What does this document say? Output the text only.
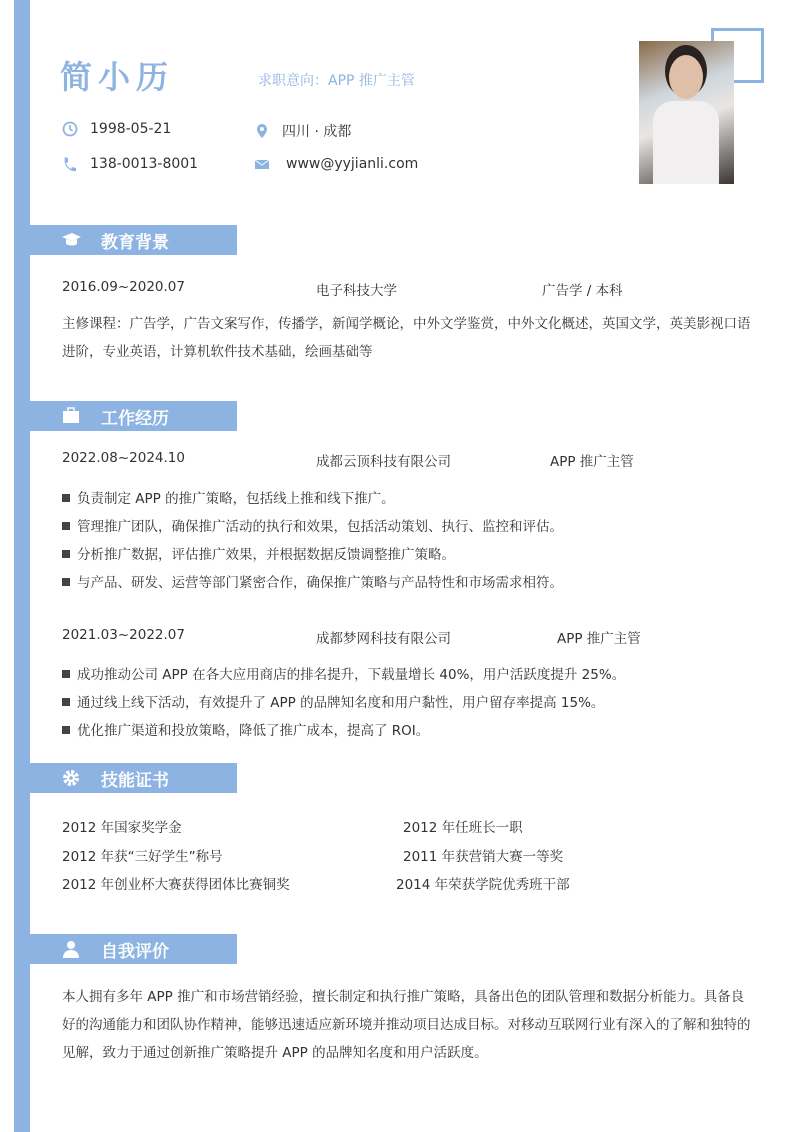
简小历	求职意向：APP 推广主管
1998-05-21	四川 · 成都
138-0013-8001	www@yyjianli.com
教育背景
2016.09~2020.07	电子科技大学	广告学 / 本科
主修课程：广告学，广告文案写作，传播学，新闻学概论，中外文学鉴赏，中外文化概述，英国文学，英美影视口语进阶，专业英语，计算机软件技术基础，绘画基础等
工作经历
2022.08~2024.10	成都云顶科技有限公司	APP 推广主管
负责制定 APP 的推广策略，包括线上推和线下推广。
管理推广团队，确保推广活动的执行和效果，包括活动策划、执行、监控和评估。
分析推广数据，评估推广效果，并根据数据反馈调整推广策略。
与产品、研发、运营等部门紧密合作，确保推广策略与产品特性和市场需求相符。
2021.03~2022.07	成都梦网科技有限公司	APP 推广主管
成功推动公司 APP 在各大应用商店的排名提升，下载量增长 40%，用户活跃度提升 25%。
通过线上线下活动，有效提升了 APP 的品牌知名度和用户黏性，用户留存率提高 15%。
优化推广渠道和投放策略，降低了推广成本，提高了 ROI。
技能证书
2012 年国家奖学金	2012 年任班长一职
2012 年获“三好学生”称号	2011 年获营销大赛一等奖
2012 年创业杯大赛获得团体比赛铜奖	2014 年荣获学院优秀班干部
自我评价
本人拥有多年 APP 推广和市场营销经验，擅长制定和执行推广策略，具备出色的团队管理和数据分析能力。具备良好的沟通能力和团队协作精神，能够迅速适应新环境并推动项目达成目标。对移动互联网行业有深入的了解和独特的见解，致力于通过创新推广策略提升 APP 的品牌知名度和用户活跃度。
